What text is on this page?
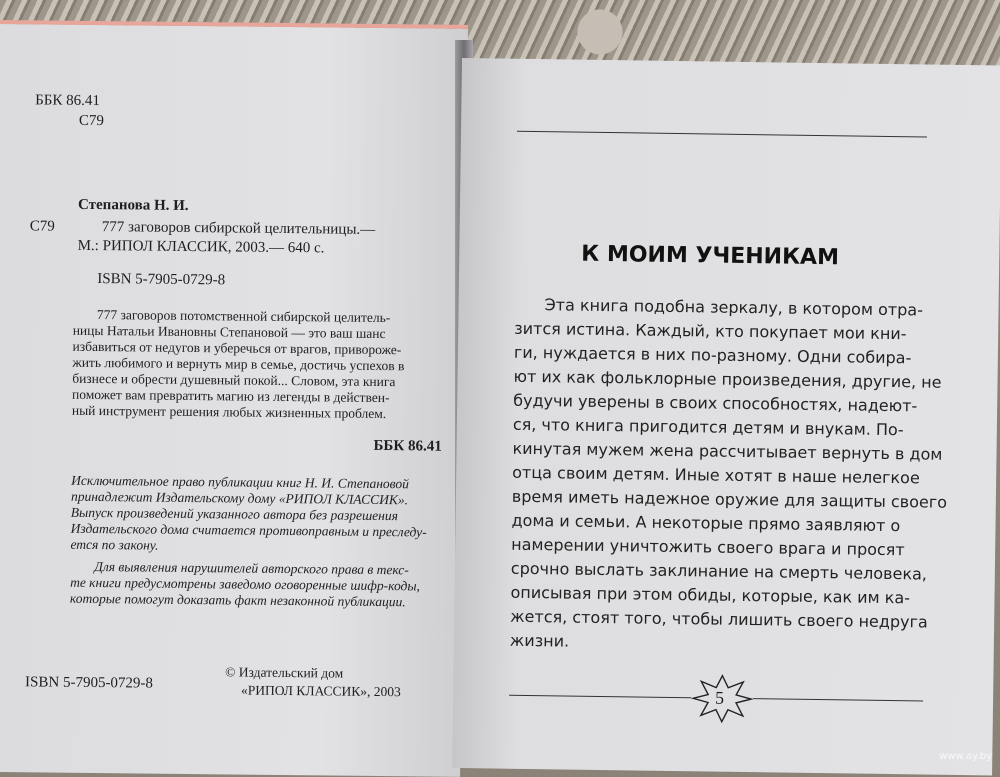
ББК 86.41
С79
Степанова Н. И.
С79	777 заговоров сибирской целительницы.—
М.: РИПОЛ КЛАССИК, 2003.— 640 с.
ISBN 5-7905-0729-8
777 заговоров потомственной сибирской целитель-
ницы Натальи Ивановны Степановой — это ваш шанс
избавиться от недугов и уберечься от врагов, привороже-
жить любимого и вернуть мир в семье, достичь успехов в
бизнесе и обрести душевный покой... Словом, эта книга
поможет вам превратить магию из легенды в действен-
ный инструмент решения любых жизненных проблем.
ББК 86.41
Исключительное право публикации книг Н. И. Степановой
принадлежит Издательскому дому «РИПОЛ КЛАССИК».
Выпуск произведений указанного автора без разрешения
Издательского дома считается противоправным и преследу-
ется по закону.
Для выявления нарушителей авторского права в текс-
те книги предусмотрены заведомо оговоренные шифр-коды,
которые помогут доказать факт незаконной публикации.
ISBN 5-7905-0729-8
© Издательский дом
«РИПОЛ КЛАССИК», 2003
К МОИМ УЧЕНИКАМ
Эта книга подобна зеркалу, в котором отра-
зится истина. Каждый, кто покупает мои кни-
ги, нуждается в них по-разному. Одни собира-
ют их как фольклорные произведения, другие, не
будучи уверены в своих способностях, надеют-
ся, что книга пригодится детям и внукам. По-
кинутая мужем жена рассчитывает вернуть в дом
отца своим детям. Иные хотят в наше нелегкое
время иметь надежное оружие для защиты своего
дома и семьи. А некоторые прямо заявляют о
намерении уничтожить своего врага и просят
срочно выслать заклинание на смерть человека,
описывая при этом обиды, которые, как им ка-
жется, стоят того, чтобы лишить своего недруга
жизни.
5
www.ay.by
